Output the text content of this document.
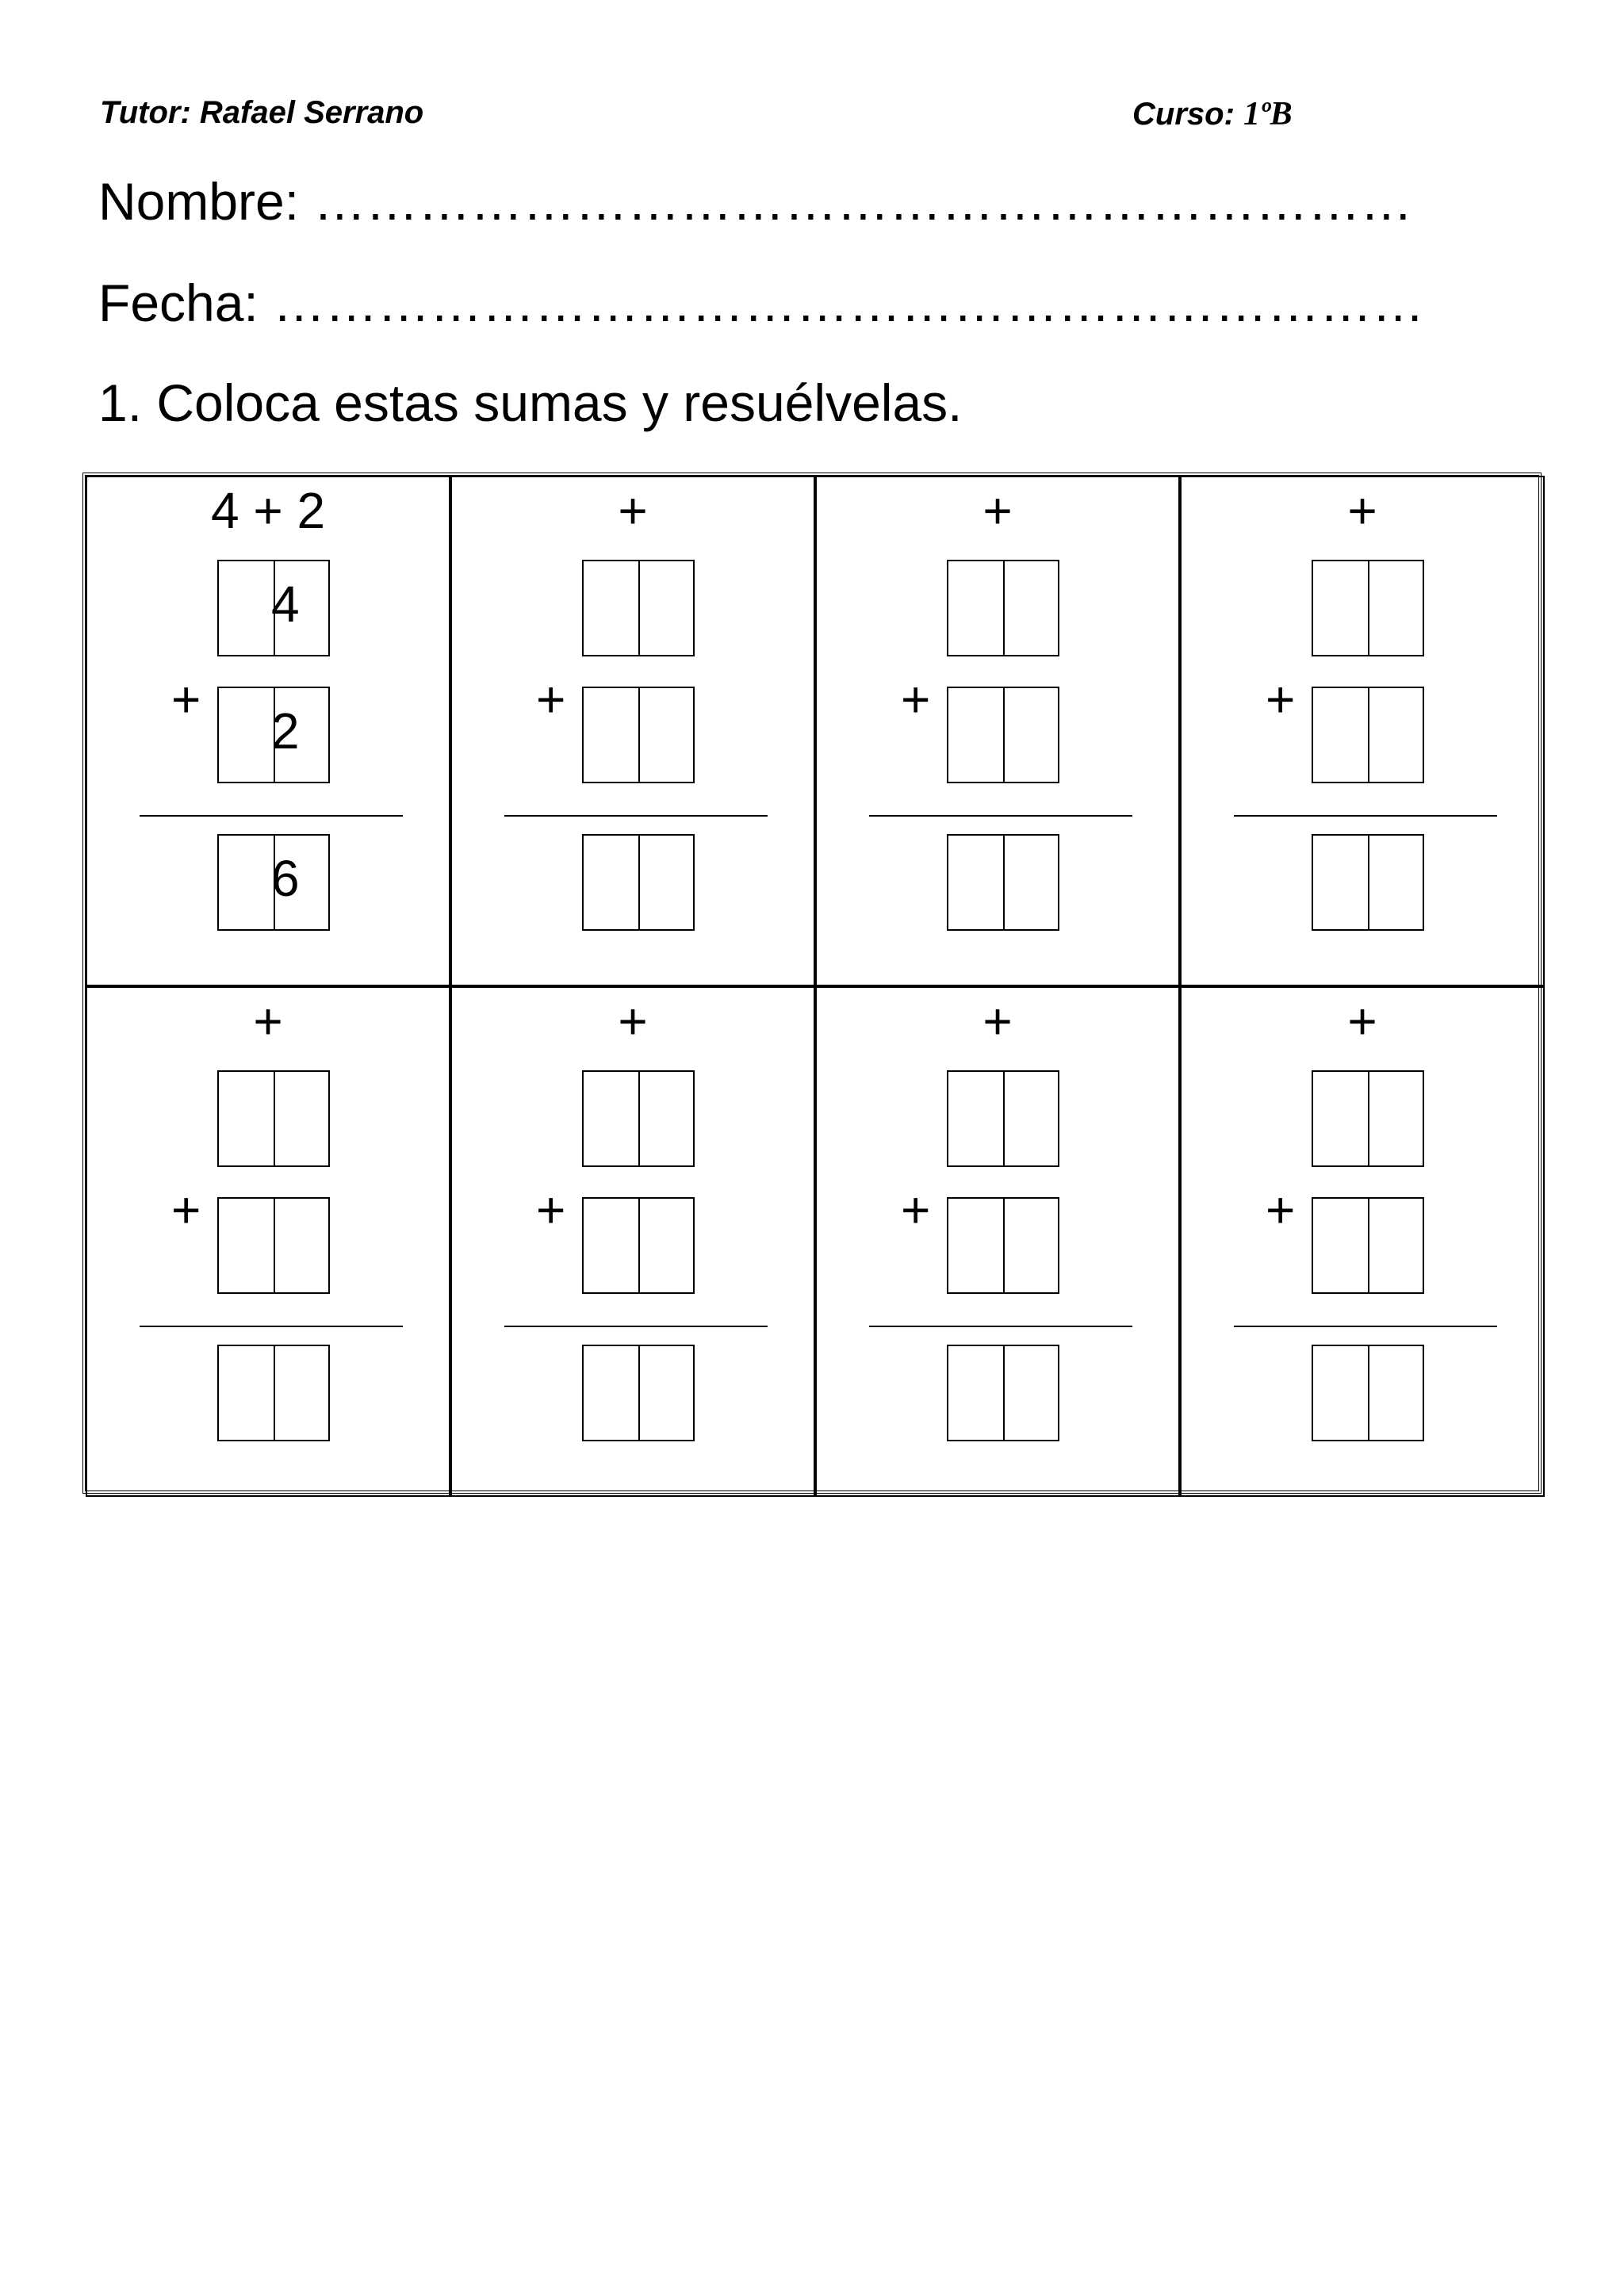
Tutor: Rafael Serrano	Curso: 1ºB
Nombre: ………………………………………………………
Fecha: …………………………………………………………
1. Coloca estas sumas y resuélvelas.
4 + 2
4
+
2
6
+
+
+
+
+
+
+
+
+
+
+
+
+
+
